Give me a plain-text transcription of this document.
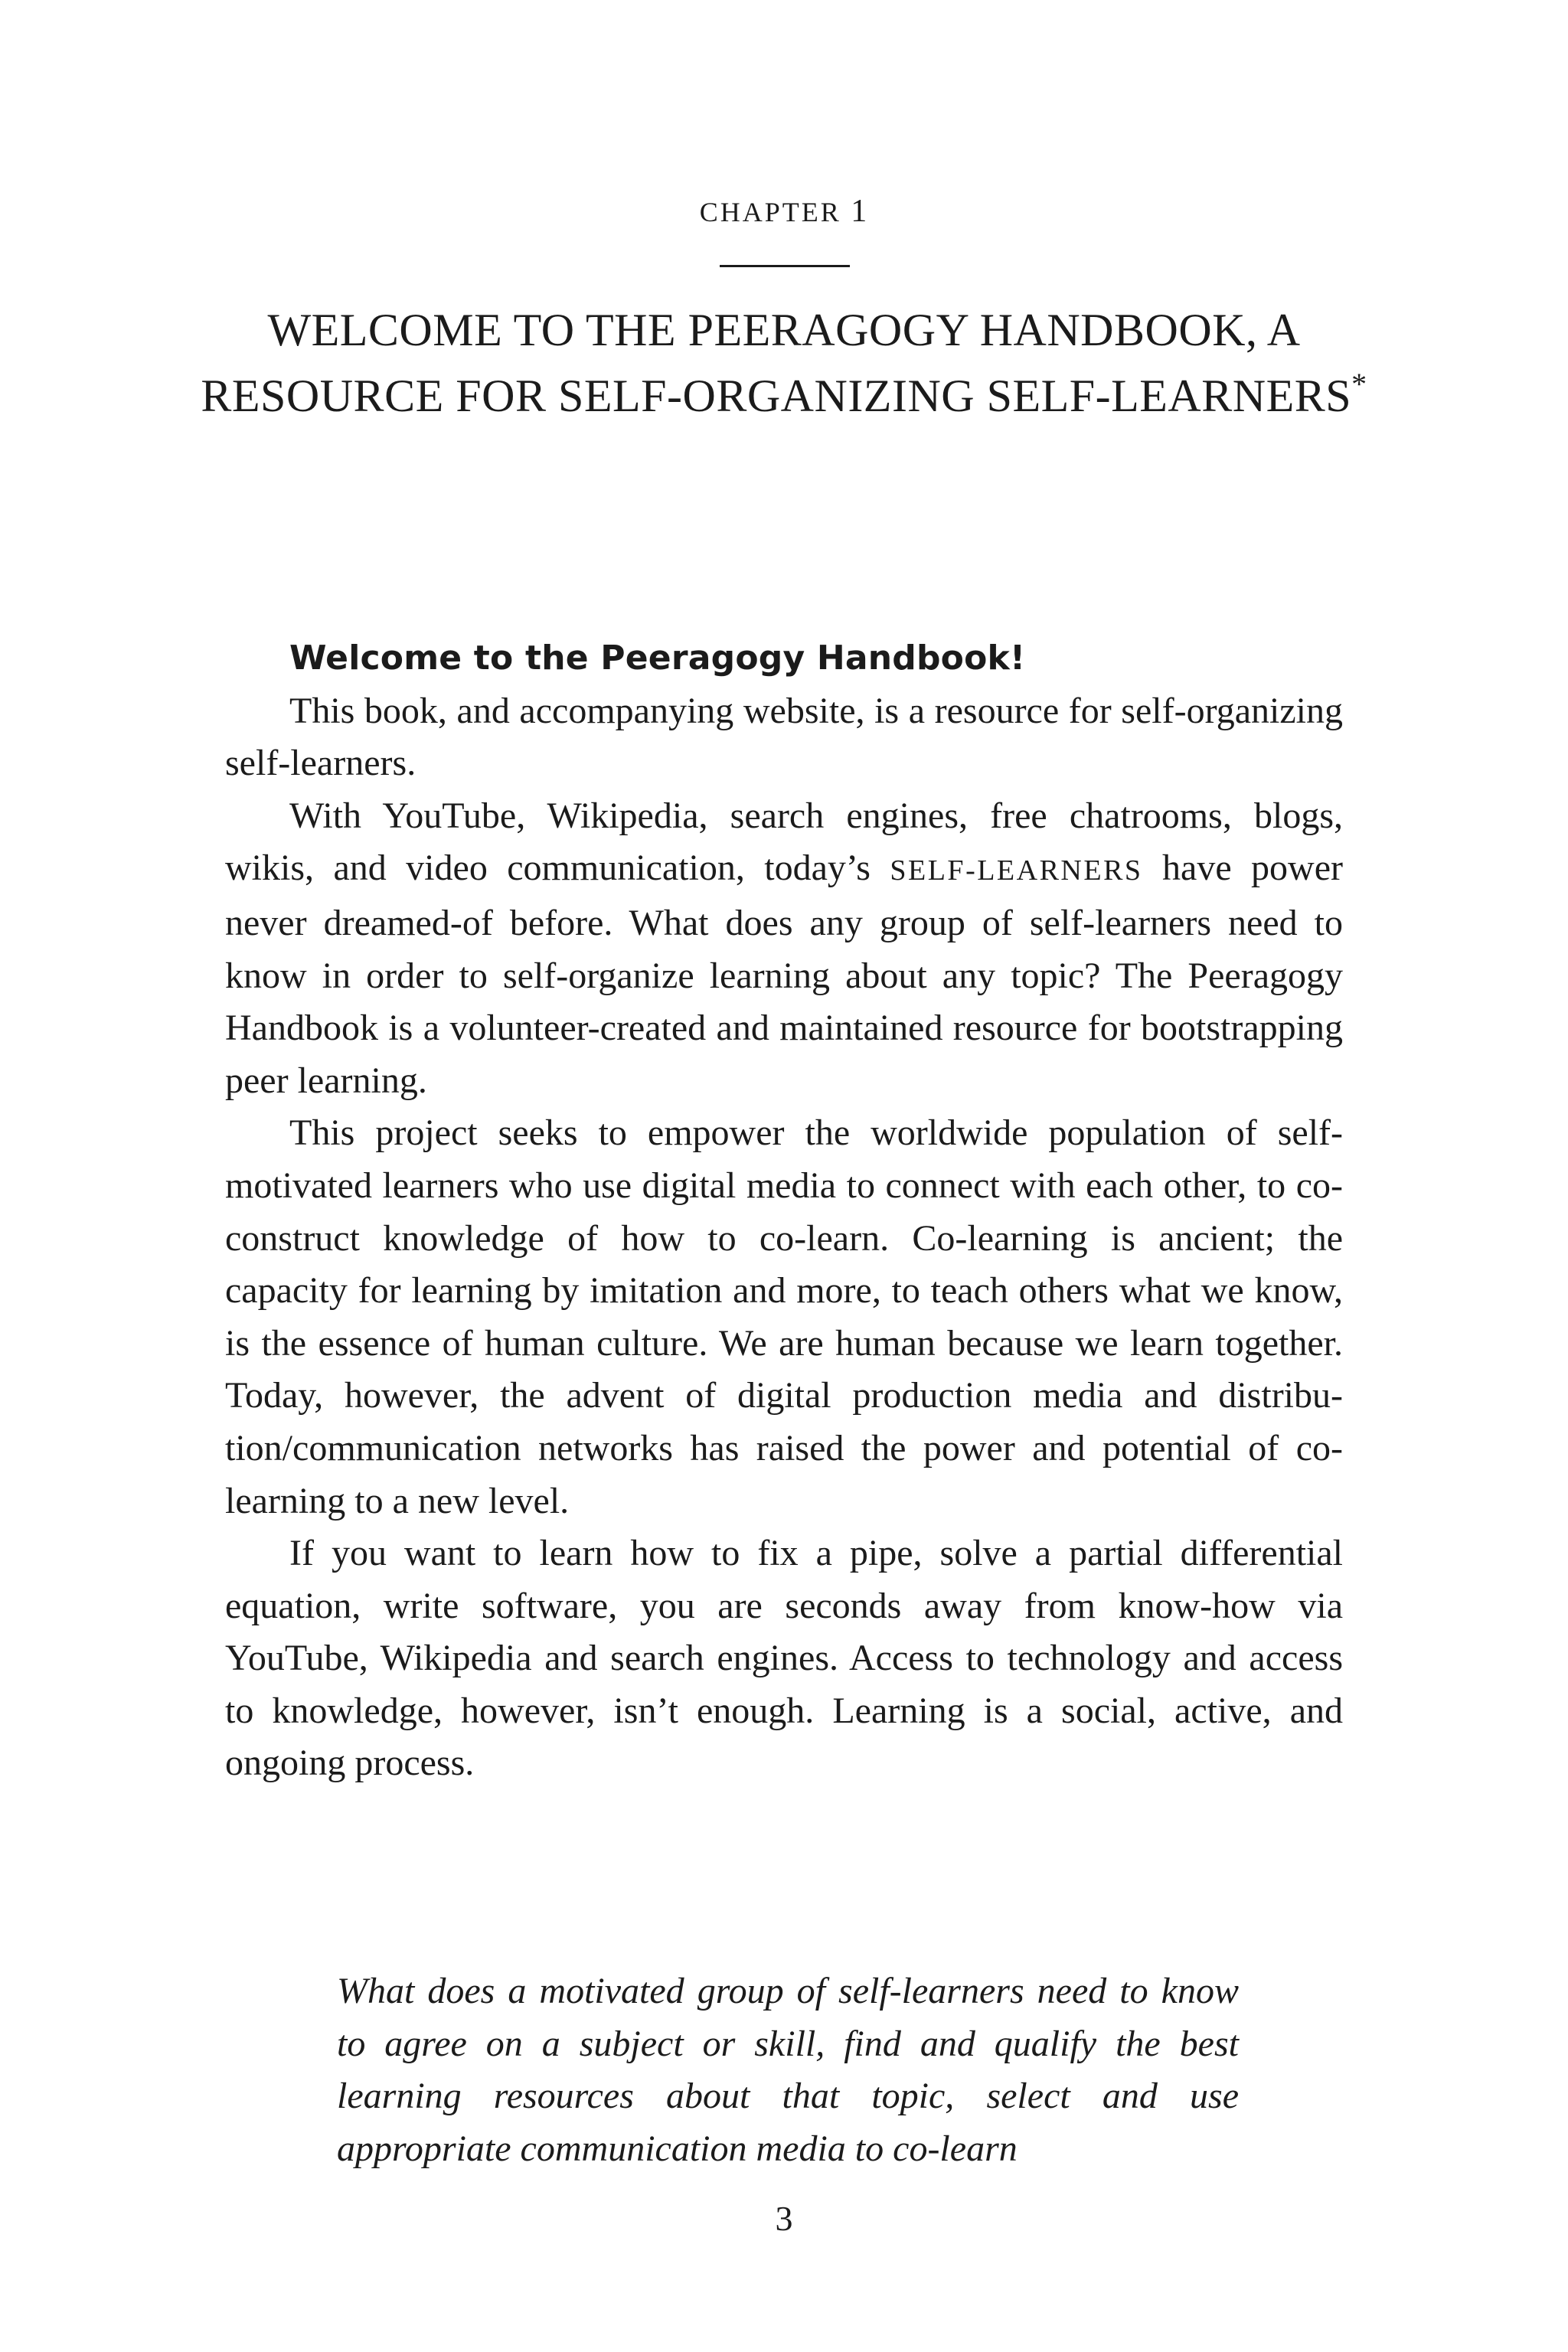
CHAPTER 1
WELCOME TO THE PEERAGOGY HANDBOOK, A RESOURCE FOR SELF-ORGANIZING SELF-LEARNERS*

Welcome to the Peeragogy Handbook!

This book, and accompanying website, is a resource for self-organizing self-learners.

With YouTube, Wikipedia, search engines, free chatrooms, blogs, wikis, and video communication, today’s SELF-LEARNERS have power never dreamed-of before. What does any group of self-learners need to know in order to self-organize learning about any topic? The Peeragogy Handbook is a volunteer-created and maintained resource for bootstrapping peer learning.

This project seeks to empower the worldwide population of self-motivated learners who use digital media to connect with each other, to co-construct knowledge of how to co-learn. Co-learning is ancient; the capacity for learning by imitation and more, to teach others what we know, is the essence of human culture. We are human because we learn together. Today, however, the advent of digital production media and distribution/communication networks has raised the power and potential of co-learning to a new level.

If you want to learn how to fix a pipe, solve a partial differential equation, write software, you are seconds away from know-how via YouTube, Wikipedia and search engines. Access to technology and access to knowledge, however, isn’t enough. Learning is a social, active, and ongoing process.

What does a motivated group of self-learners need to know to agree on a subject or skill, find and qualify the best learning resources about that topic, select and use appropriate communication media to co-learn

3
